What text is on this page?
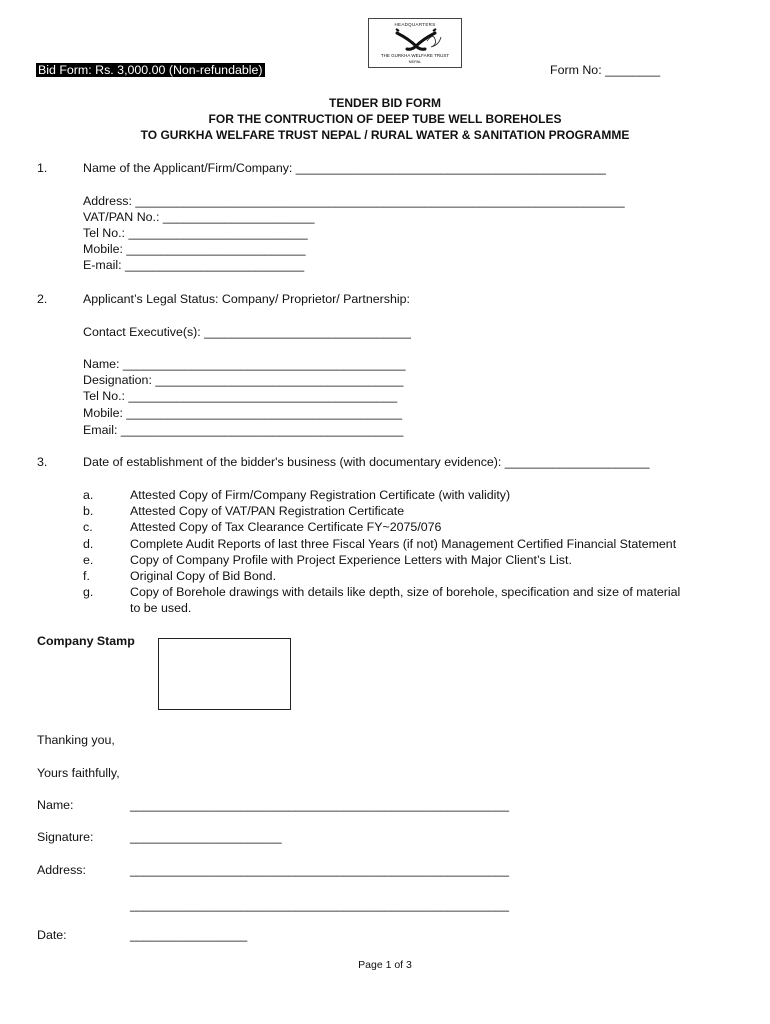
HEADQUARTERS
THE GURKHA WELFARE TRUST
NEPAL
Bid Form: Rs. 3,000.00 (Non-refundable)	Form No: ________
TENDER BID FORM
FOR THE CONTRUCTION OF DEEP TUBE WELL BOREHOLES
TO GURKHA WELFARE TRUST NEPAL / RURAL WATER & SANITATION PROGRAMME
1.	Name of the Applicant/Firm/Company: _____________________________________________
Address: _______________________________________________________________________
VAT/PAN No.: ______________________
Tel No.: __________________________
Mobile: __________________________
E-mail: __________________________
2.	Applicant’s Legal Status: Company/ Proprietor/ Partnership:
Contact Executive(s): ______________________________
Name: _________________________________________
Designation: ____________________________________
Tel No.: _______________________________________
Mobile: ________________________________________
Email: _________________________________________
3.	Date of establishment of the bidder's business (with documentary evidence): _____________________
a.	Attested Copy of Firm/Company Registration Certificate (with validity)
b.	Attested Copy of VAT/PAN Registration Certificate
c.	Attested Copy of Tax Clearance Certificate FY~2075/076
d.	Complete Audit Reports of last three Fiscal Years (if not) Management Certified Financial Statement
e.	Copy of Company Profile with Project Experience Letters with Major Client’s List.
f.	Original Copy of Bid Bond.
g.	Copy of Borehole drawings with details like depth, size of borehole, specification and size of material
to be used.
Company Stamp
Thanking you,
Yours faithfully,
Name:	_______________________________________________________
Signature:	______________________
Address:	_______________________________________________________
_______________________________________________________
Date:	_________________
Page 1 of 3
